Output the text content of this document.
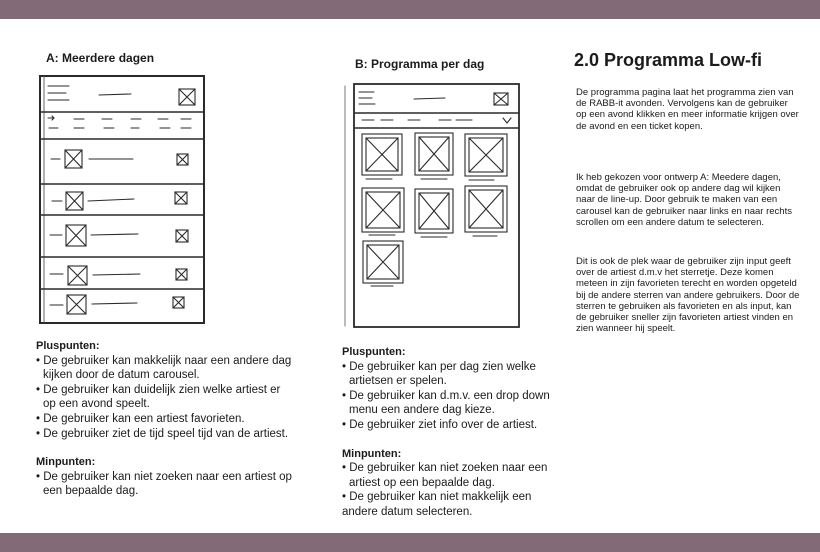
A: Meerdere dagen	B: Programma per dag	2.0 Programma Low-fi

De programma pagina laat het programma zien van de RABB-it avonden. Vervolgens kan de gebruiker op een avond klikken en meer informatie krijgen over de avond en een ticket kopen.

Ik heb gekozen voor ontwerp A: Meedere dagen, omdat de gebruiker ook op andere dag wil kijken naar de line-up. Door gebruik te maken van een carousel kan de gebruiker naar links en naar rechts scrollen om een andere datum te selecteren.

Dit is ook de plek waar de gebruiker zijn input geeft over de artiest d.m.v het sterretje. Deze komen meteen in zijn favorieten terecht en worden opgeteld bij de andere sterren van andere gebruikers. Door de sterren te gebruiken als favorieten en als input, kan de gebruiker sneller zijn favorieten artiest vinden en zien wanneer hij speelt.

Pluspunten:
• De gebruiker kan makkelijk naar een andere dag kijken door de datum carousel.
• De gebruiker kan duidelijk zien welke artiest er op een avond speelt.
• De gebruiker kan een artiest favorieten.
• De gebruiker ziet de tijd speel tijd van de artiest.
Minpunten:
• De gebruiker kan niet zoeken naar een artiest op een bepaalde dag.
Pluspunten:
• De gebruiker kan per dag zien welke artietsen er spelen.
• De gebruiker kan d.m.v. een drop down menu een andere dag kieze.
• De gebruiker ziet info over de artiest.
Minpunten:
• De gebruiker kan niet zoeken naar een artiest op een bepaalde dag.
• De gebruiker kan niet makkelijk een andere datum selecteren.
